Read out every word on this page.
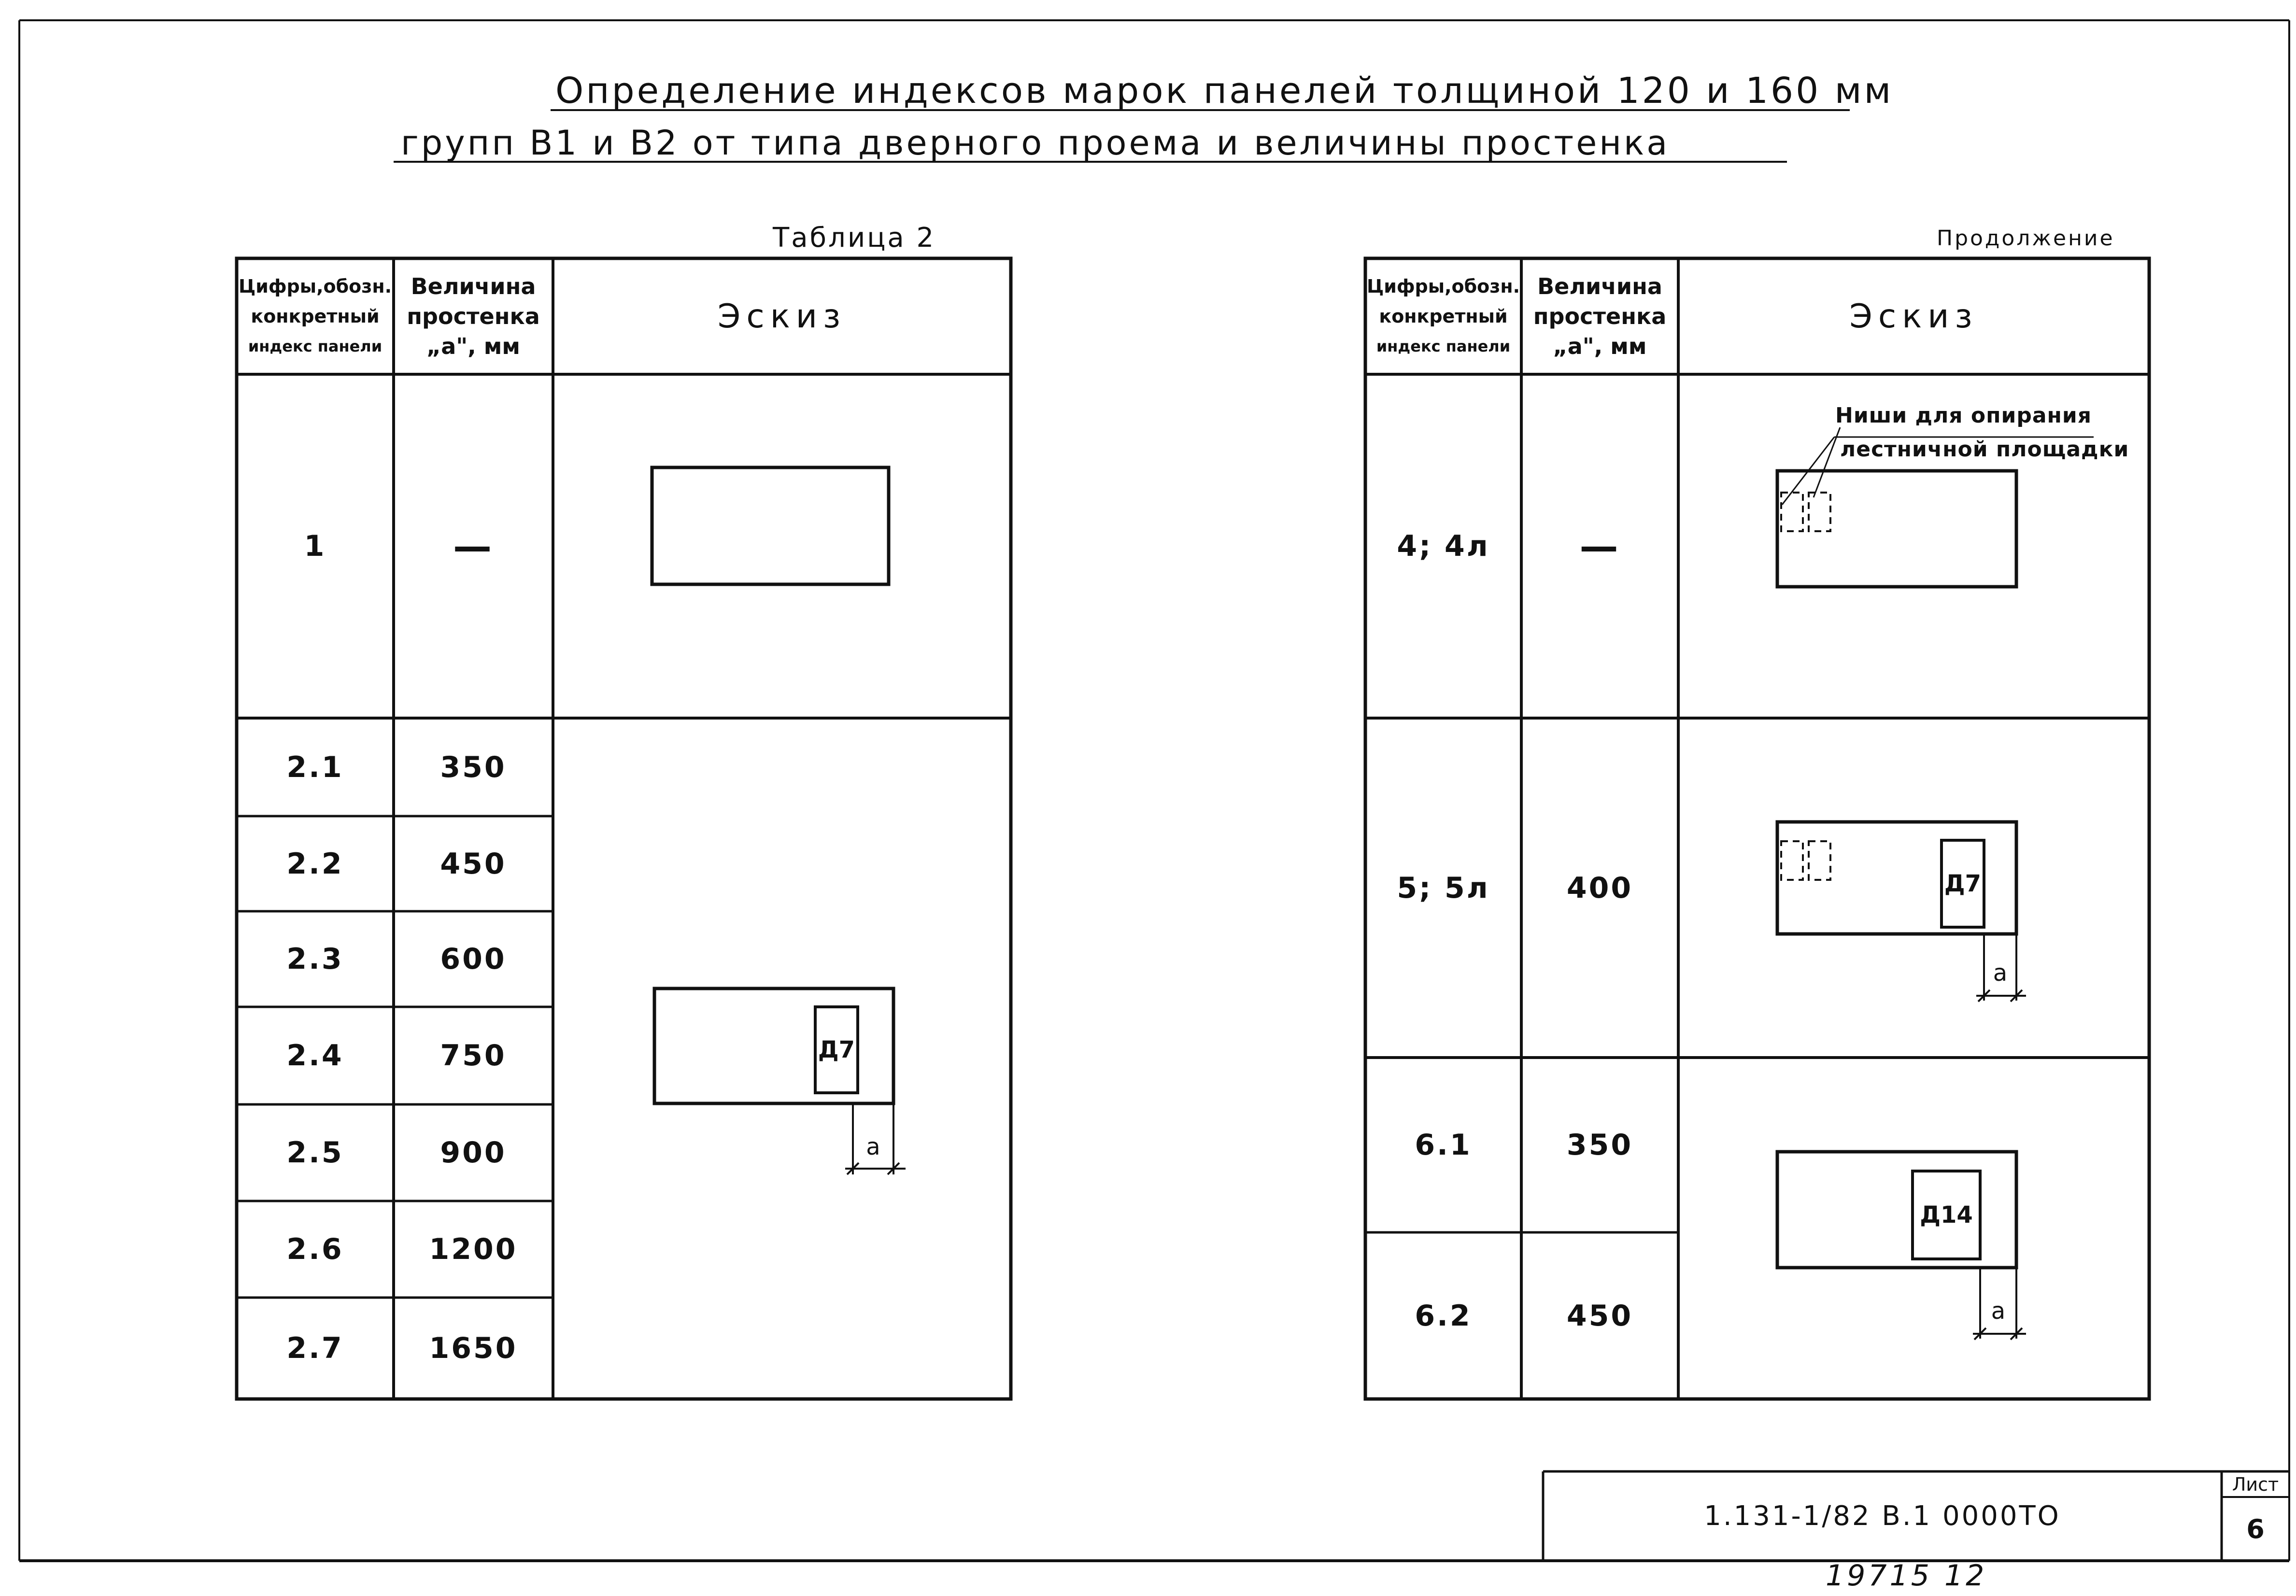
Определение индексов марок панелей толщиной 120 и 160 мм
групп В1 и В2 от типа дверного проема и величины простенка
Таблица 2
Цифры,обозн.
конкретный
индекс панели
Величина
простенка
„а", мм
Эскиз
1	—
2.1	350
2.2	450
2.3	600
2.4	750
2.5	900
2.6	1200
2.7	1650
Д7
а
Продолжение
Цифры,обозн.
конкретный
индекс панели
Величина
простенка
„а", мм
Эскиз
4; 4л	—
5; 5л	400
6.1	350
6.2	450
Ниши для опирания
лестничной площадки
Д7
а
Д14
а
1.131-1/82 В.1 0000ТО
Лист
6
19715 12
